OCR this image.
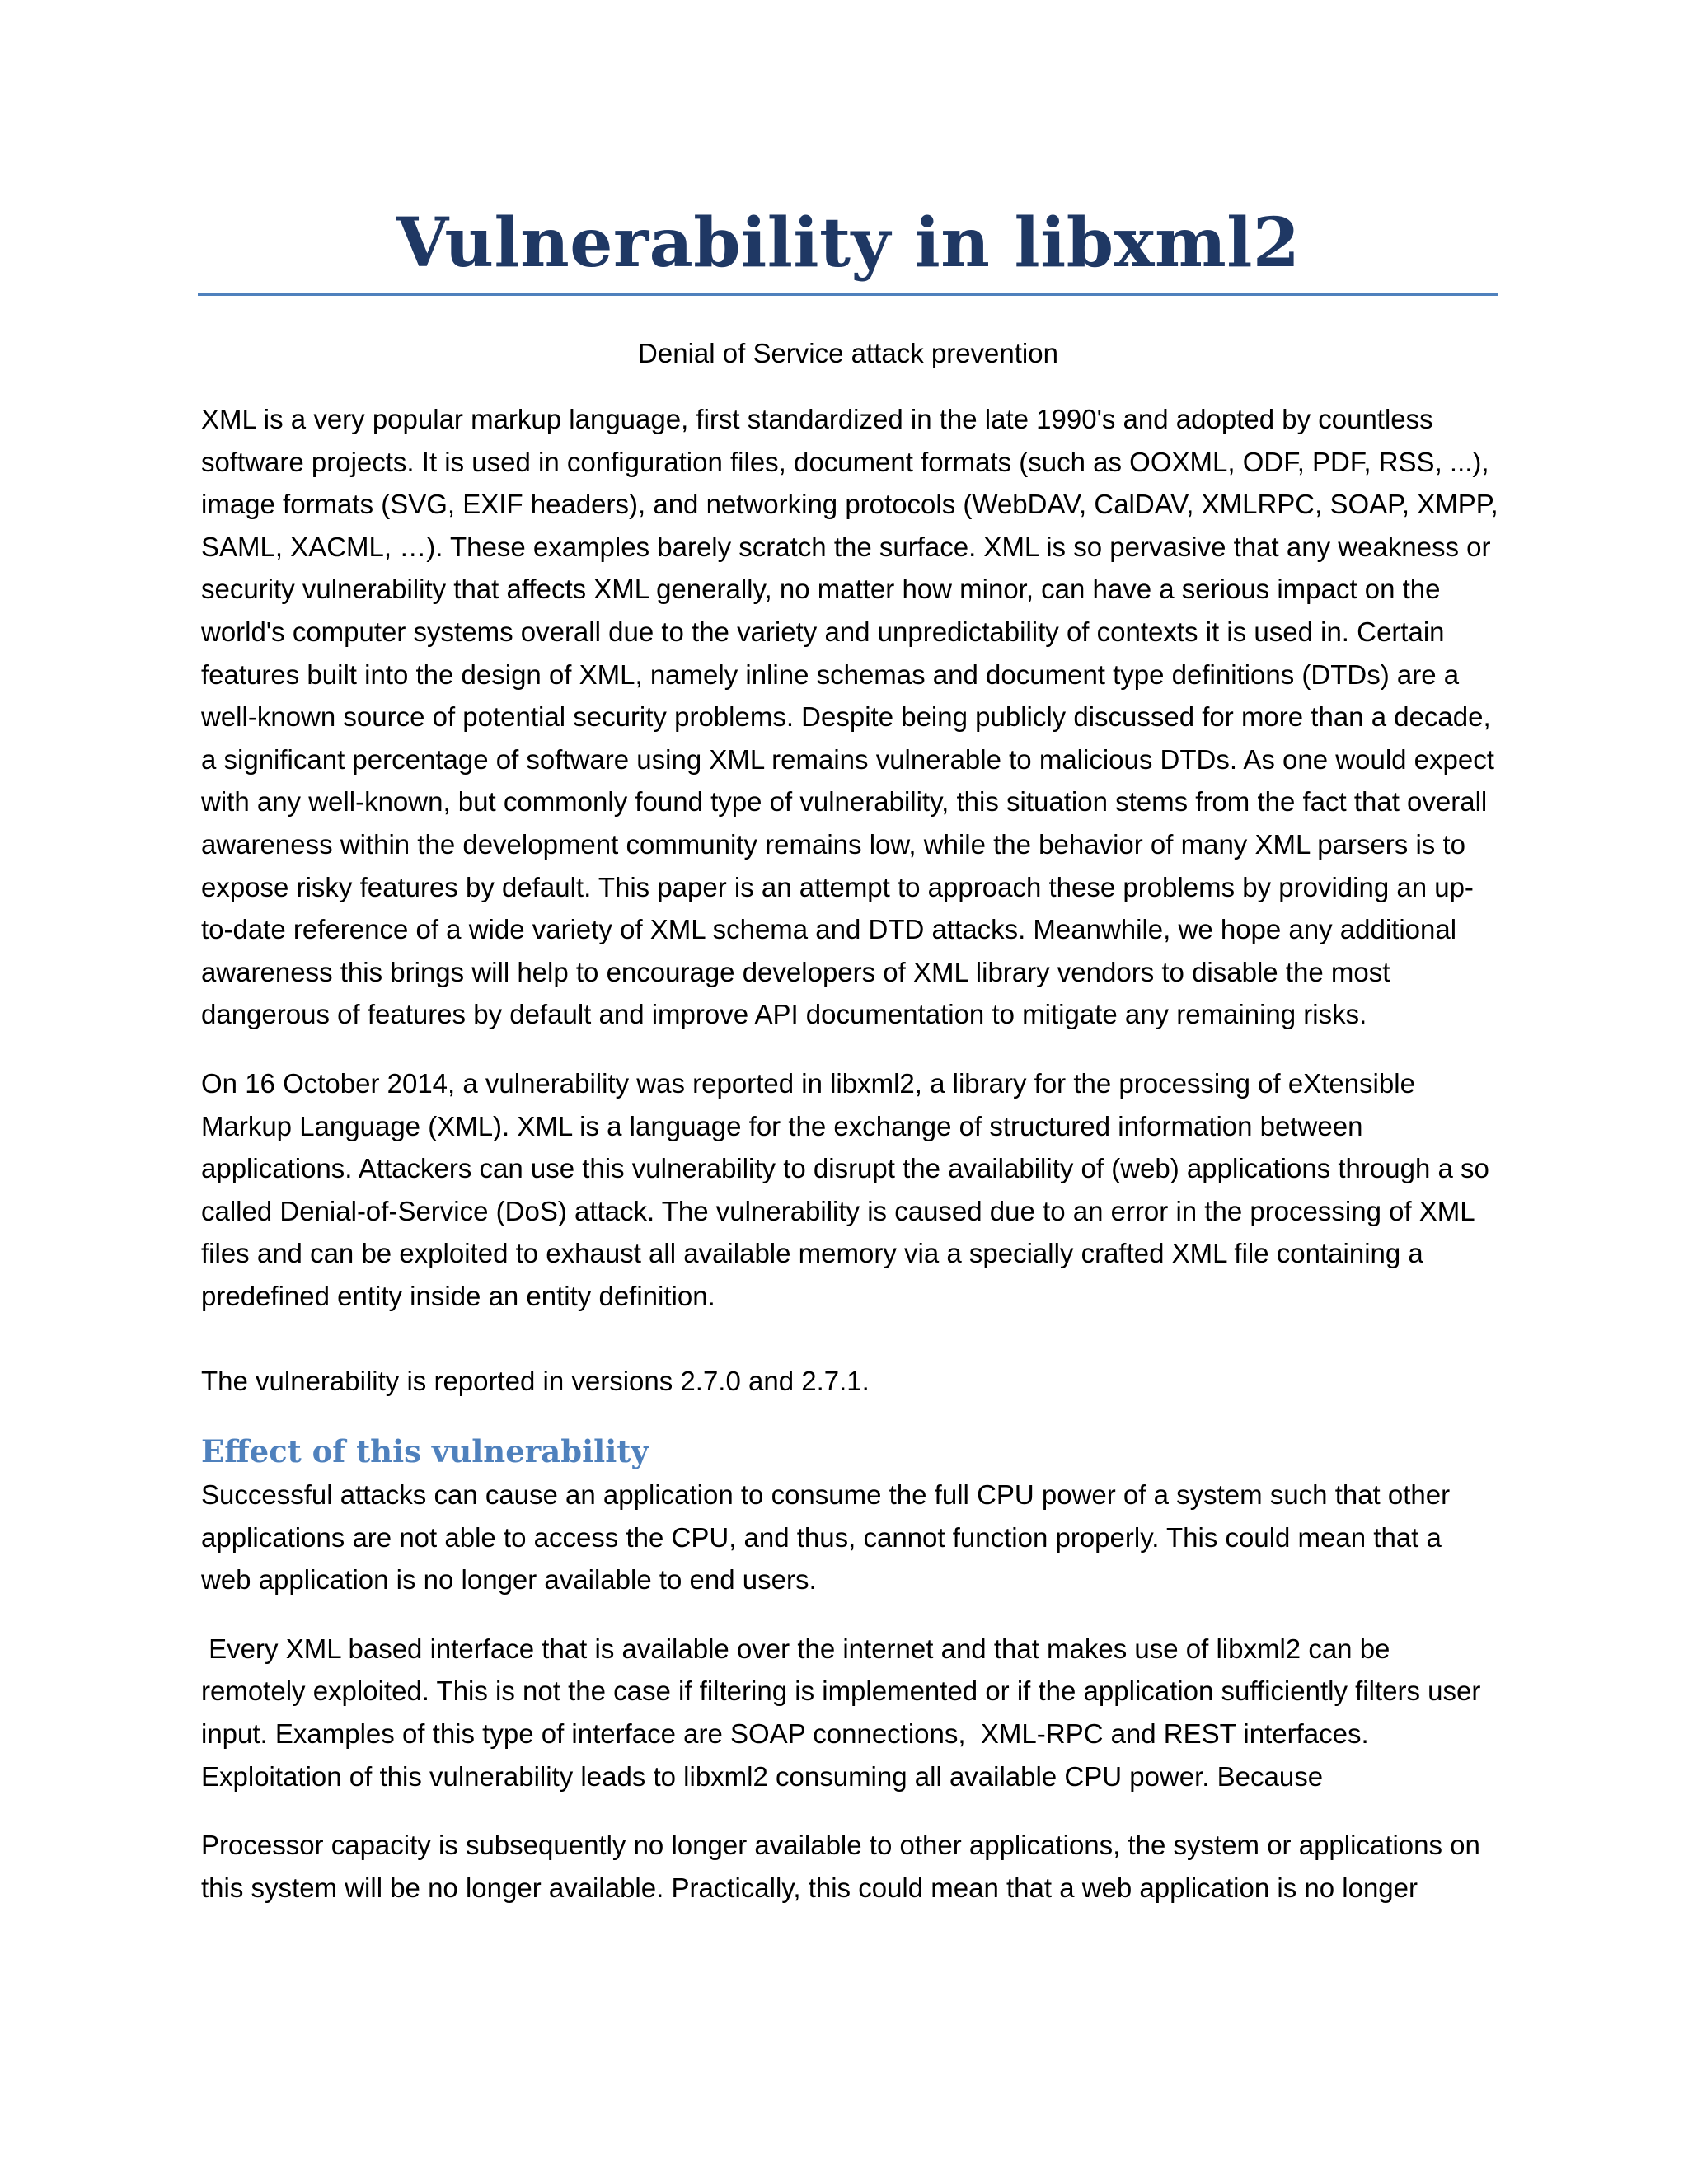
Vulnerability in libxml2

Denial of Service attack prevention

XML is a very popular markup language, first standardized in the late 1990's and adopted by countless software projects. It is used in configuration files, document formats (such as OOXML, ODF, PDF, RSS, ...), image formats (SVG, EXIF headers), and networking protocols (WebDAV, CalDAV, XMLRPC, SOAP, XMPP, SAML, XACML, …). These examples barely scratch the surface. XML is so pervasive that any weakness or security vulnerability that affects XML generally, no matter how minor, can have a serious impact on the world's computer systems overall due to the variety and unpredictability of contexts it is used in. Certain features built into the design of XML, namely inline schemas and document type definitions (DTDs) are a well-known source of potential security problems. Despite being publicly discussed for more than a decade, a significant percentage of software using XML remains vulnerable to malicious DTDs. As one would expect with any well-known, but commonly found type of vulnerability, this situation stems from the fact that overall awareness within the development community remains low, while the behavior of many XML parsers is to expose risky features by default. This paper is an attempt to approach these problems by providing an up-to-date reference of a wide variety of XML schema and DTD attacks. Meanwhile, we hope any additional awareness this brings will help to encourage developers of XML library vendors to disable the most dangerous of features by default and improve API documentation to mitigate any remaining risks.

On 16 October 2014, a vulnerability was reported in libxml2, a library for the processing of eXtensible Markup Language (XML). XML is a language for the exchange of structured information between applications. Attackers can use this vulnerability to disrupt the availability of (web) applications through a so called Denial-of-Service (DoS) attack. The vulnerability is caused due to an error in the processing of XML files and can be exploited to exhaust all available memory via a specially crafted XML file containing a predefined entity inside an entity definition.

The vulnerability is reported in versions 2.7.0 and 2.7.1.

Effect of this vulnerability

Successful attacks can cause an application to consume the full CPU power of a system such that other applications are not able to access the CPU, and thus, cannot function properly. This could mean that a web application is no longer available to end users.

Every XML based interface that is available over the internet and that makes use of libxml2 can be remotely exploited. This is not the case if filtering is implemented or if the application sufficiently filters user input. Examples of this type of interface are SOAP connections,  XML-RPC and REST interfaces. Exploitation of this vulnerability leads to libxml2 consuming all available CPU power. Because

Processor capacity is subsequently no longer available to other applications, the system or applications on this system will be no longer available. Practically, this could mean that a web application is no longer
